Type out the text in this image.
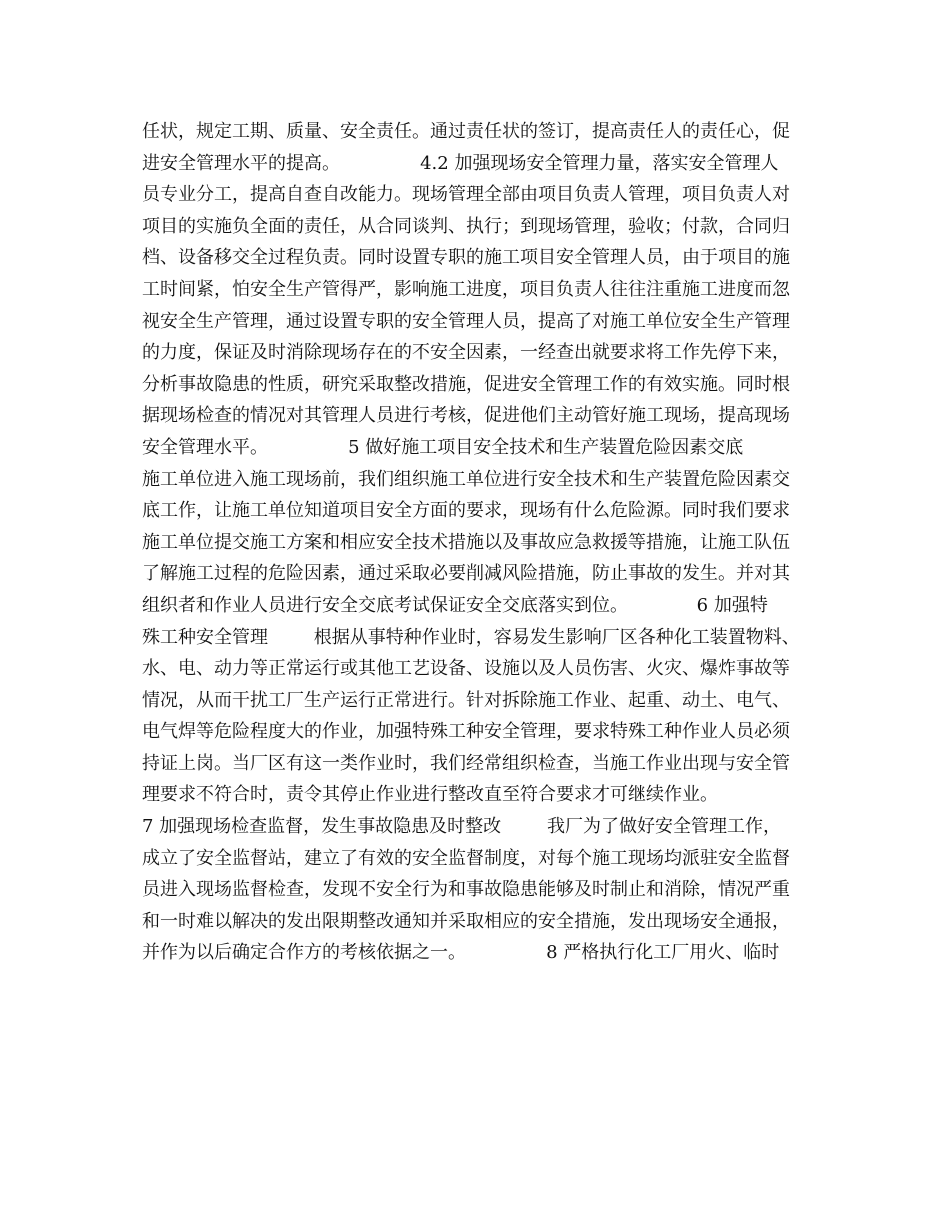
任状，规定工期、质量、安全责任。通过责任状的签订，提高责任人的责任心，促
进安全管理水平的提高。              4.2 加强现场安全管理力量，落实安全管理人
员专业分工，提高自查自改能力。现场管理全部由项目负责人管理，项目负责人对
项目的实施负全面的责任，从合同谈判、执行；到现场管理，验收；付款，合同归
档、设备移交全过程负责。同时设置专职的施工项目安全管理人员，由于项目的施
工时间紧，怕安全生产管得严，影响施工进度，项目负责人往往注重施工进度而忽
视安全生产管理，通过设置专职的安全管理人员，提高了对施工单位安全生产管理
的力度，保证及时消除现场存在的不安全因素，一经查出就要求将工作先停下来，
分析事故隐患的性质，研究采取整改措施，促进安全管理工作的有效实施。同时根
据现场检查的情况对其管理人员进行考核，促进他们主动管好施工现场，提高现场
安全管理水平。              5 做好施工项目安全技术和生产装置危险因素交底
施工单位进入施工现场前，我们组织施工单位进行安全技术和生产装置危险因素交
底工作，让施工单位知道项目安全方面的要求，现场有什么危险源。同时我们要求
施工单位提交施工方案和相应安全技术措施以及事故应急救援等措施，让施工队伍
了解施工过程的危险因素，通过采取必要削减风险措施，防止事故的发生。并对其
组织者和作业人员进行安全交底考试保证安全交底落实到位。            6 加强特
殊工种安全管理        根据从事特种作业时，容易发生影响厂区各种化工装置物料、
水、电、动力等正常运行或其他工艺设备、设施以及人员伤害、火灾、爆炸事故等
情况，从而干扰工厂生产运行正常进行。针对拆除施工作业、起重、动土、电气、
电气焊等危险程度大的作业，加强特殊工种安全管理，要求特殊工种作业人员必须
持证上岗。当厂区有这一类作业时，我们经常组织检查，当施工作业出现与安全管
理要求不符合时，责令其停止作业进行整改直至符合要求才可继续作业。
7 加强现场检查监督，发生事故隐患及时整改        我厂为了做好安全管理工作，
成立了安全监督站，建立了有效的安全监督制度，对每个施工现场均派驻安全监督
员进入现场监督检查，发现不安全行为和事故隐患能够及时制止和消除，情况严重
和一时难以解决的发出限期整改通知并采取相应的安全措施，发出现场安全通报，
并作为以后确定合作方的考核依据之一。              8 严格执行化工厂用火、临时
